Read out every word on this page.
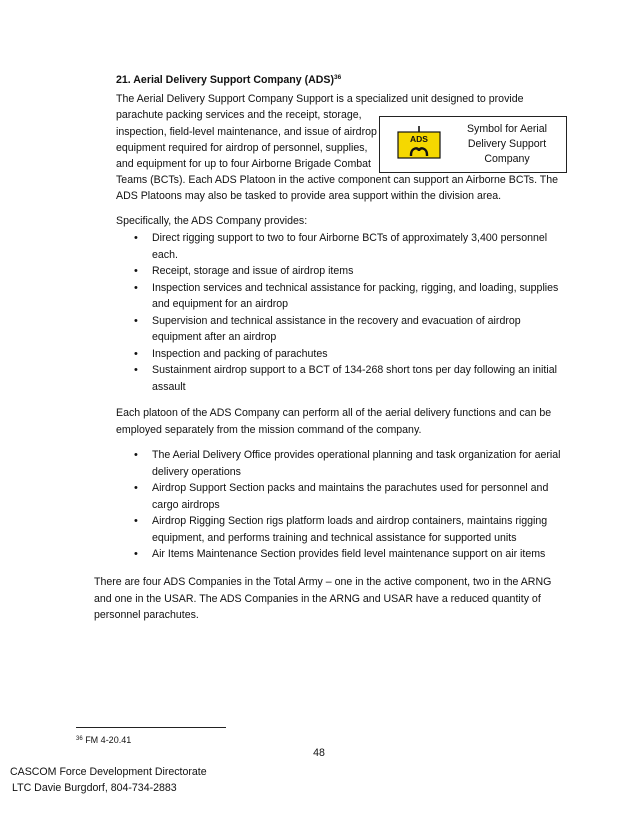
21. Aerial Delivery Support Company (ADS)$^{36}$
The Aerial Delivery Support Company Support is a specialized unit designed to provide
parachute packing services and the receipt, storage,
inspection, field-level maintenance, and issue of airdrop
equipment required for airdrop of personnel, supplies,
and equipment for up to four Airborne Brigade Combat
Teams (BCTs). Each ADS Platoon in the active component can support an Airborne BCTs. The
ADS Platoons may also be tasked to provide area support within the division area.
ADS
Symbol for Aerial Delivery Support Company

Specifically, the ADS Company provides:

• Direct rigging support to two to four Airborne BCTs of approximately 3,400 personnel each.
• Receipt, storage and issue of airdrop items
• Inspection services and technical assistance for packing, rigging, and loading, supplies and equipment for an airdrop
• Supervision and technical assistance in the recovery and evacuation of airdrop equipment after an airdrop
• Inspection and packing of parachutes
• Sustainment airdrop support to a BCT of 134-268 short tons per day following an initial assault

Each platoon of the ADS Company can perform all of the aerial delivery functions and can be employed separately from the mission command of the company.

• The Aerial Delivery Office provides operational planning and task organization for aerial delivery operations
• Airdrop Support Section packs and maintains the parachutes used for personnel and cargo airdrops
• Airdrop Rigging Section rigs platform loads and airdrop containers, maintains rigging equipment, and performs training and technical assistance for supported units
• Air Items Maintenance Section provides field level maintenance support on air items

There are four ADS Companies in the Total Army – one in the active component, two in the ARNG and one in the USAR. The ADS Companies in the ARNG and USAR have a reduced quantity of personnel parachutes.

$^{36}$ FM 4-20.41
48
CASCOM Force Development Directorate
LTC Davie Burgdorf, 804-734-2883
